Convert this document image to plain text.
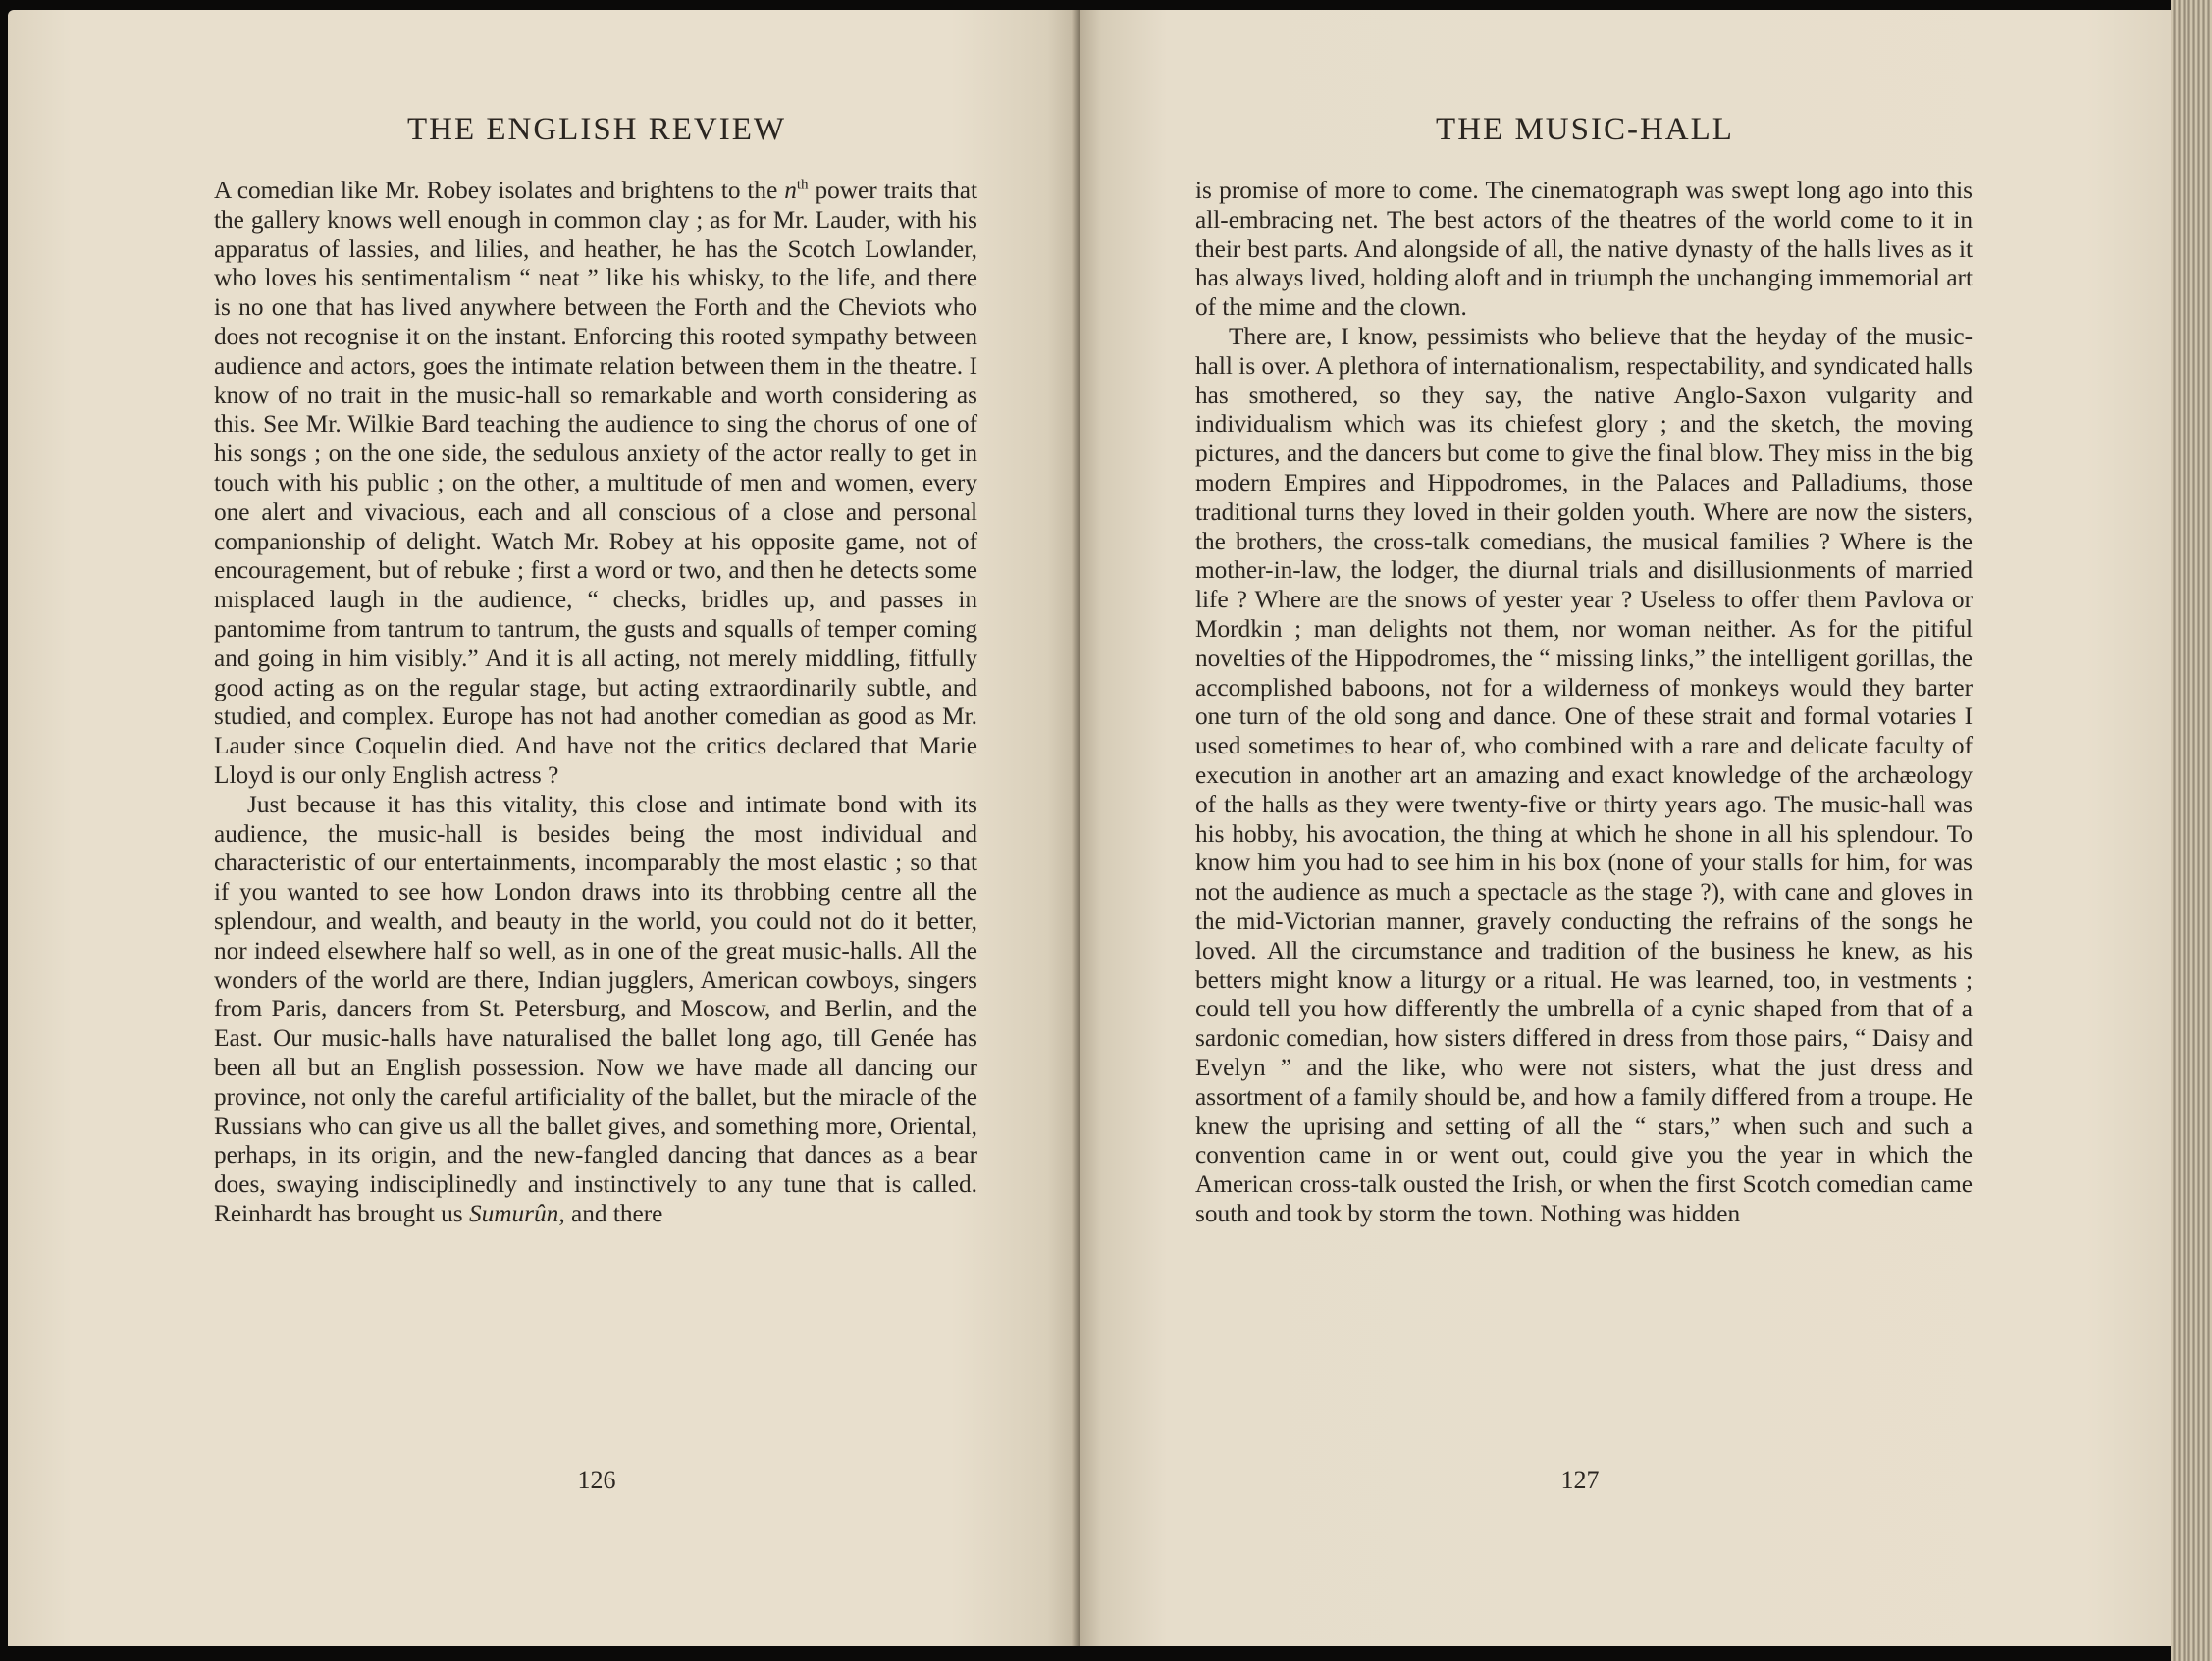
THE ENGLISH REVIEW

A comedian like Mr. Robey isolates and brightens to the $n^{th}$ power traits that the gallery knows well enough in common clay ; as for Mr. Lauder, with his apparatus of lassies, and lilies, and heather, he has the Scotch Lowlander, who loves his sentimentalism “ neat ” like his whisky, to the life, and there is no one that has lived anywhere between the Forth and the Cheviots who does not recognise it on the instant. Enforcing this rooted sympathy between audience and actors, goes the intimate relation between them in the theatre. I know of no trait in the music-hall so remarkable and worth considering as this. See Mr. Wilkie Bard teaching the audience to sing the chorus of one of his songs ; on the one side, the sedulous anxiety of the actor really to get in touch with his public ; on the other, a multitude of men and women, every one alert and vivacious, each and all conscious of a close and personal companionship of delight. Watch Mr. Robey at his opposite game, not of encouragement, but of rebuke ; first a word or two, and then he detects some misplaced laugh in the audience, “ checks, bridles up, and passes in pantomime from tantrum to tantrum, the gusts and squalls of temper coming and going in him visibly.” And it is all acting, not merely middling, fitfully good acting as on the regular stage, but acting extraordinarily subtle, and studied, and complex. Europe has not had another comedian as good as Mr. Lauder since Coquelin died. And have not the critics declared that Marie Lloyd is our only English actress ?

Just because it has this vitality, this close and intimate bond with its audience, the music-hall is besides being the most individual and characteristic of our entertainments, incomparably the most elastic ; so that if you wanted to see how London draws into its throbbing centre all the splendour, and wealth, and beauty in the world, you could not do it better, nor indeed elsewhere half so well, as in one of the great music-halls. All the wonders of the world are there, Indian jugglers, American cowboys, singers from Paris, dancers from St. Petersburg, and Moscow, and Berlin, and the East. Our music-halls have naturalised the ballet long ago, till Genée has been all but an English possession. Now we have made all dancing our province, not only the careful artificiality of the ballet, but the miracle of the Russians who can give us all the ballet gives, and something more, Oriental, perhaps, in its origin, and the new-fangled dancing that dances as a bear does, swaying indisciplinedly and instinctively to any tune that is called. Reinhardt has brought us Sumurûn, and there

126
THE MUSIC-HALL

is promise of more to come. The cinematograph was swept long ago into this all-embracing net. The best actors of the theatres of the world come to it in their best parts. And alongside of all, the native dynasty of the halls lives as it has always lived, holding aloft and in triumph the unchanging immemorial art of the mime and the clown.

There are, I know, pessimists who believe that the heyday of the music-hall is over. A plethora of internationalism, respectability, and syndicated halls has smothered, so they say, the native Anglo-Saxon vulgarity and individualism which was its chiefest glory ; and the sketch, the moving pictures, and the dancers but come to give the final blow. They miss in the big modern Empires and Hippodromes, in the Palaces and Palladiums, those traditional turns they loved in their golden youth. Where are now the sisters, the brothers, the cross-talk comedians, the musical families ? Where is the mother-in-law, the lodger, the diurnal trials and disillusionments of married life ? Where are the snows of yester year ? Useless to offer them Pavlova or Mordkin ; man delights not them, nor woman neither. As for the pitiful novelties of the Hippodromes, the “ missing links,” the intelligent gorillas, the accomplished baboons, not for a wilderness of monkeys would they barter one turn of the old song and dance. One of these strait and formal votaries I used sometimes to hear of, who combined with a rare and delicate faculty of execution in another art an amazing and exact knowledge of the archæology of the halls as they were twenty-five or thirty years ago. The music-hall was his hobby, his avocation, the thing at which he shone in all his splendour. To know him you had to see him in his box (none of your stalls for him, for was not the audience as much a spectacle as the stage ?), with cane and gloves in the mid-Victorian manner, gravely conducting the refrains of the songs he loved. All the circumstance and tradition of the business he knew, as his betters might know a liturgy or a ritual. He was learned, too, in vestments ; could tell you how differently the umbrella of a cynic shaped from that of a sardonic comedian, how sisters differed in dress from those pairs, “ Daisy and Evelyn ” and the like, who were not sisters, what the just dress and assortment of a family should be, and how a family differed from a troupe. He knew the uprising and setting of all the “ stars,” when such and such a convention came in or went out, could give you the year in which the American cross-talk ousted the Irish, or when the first Scotch comedian came south and took by storm the town. Nothing was hidden

127
